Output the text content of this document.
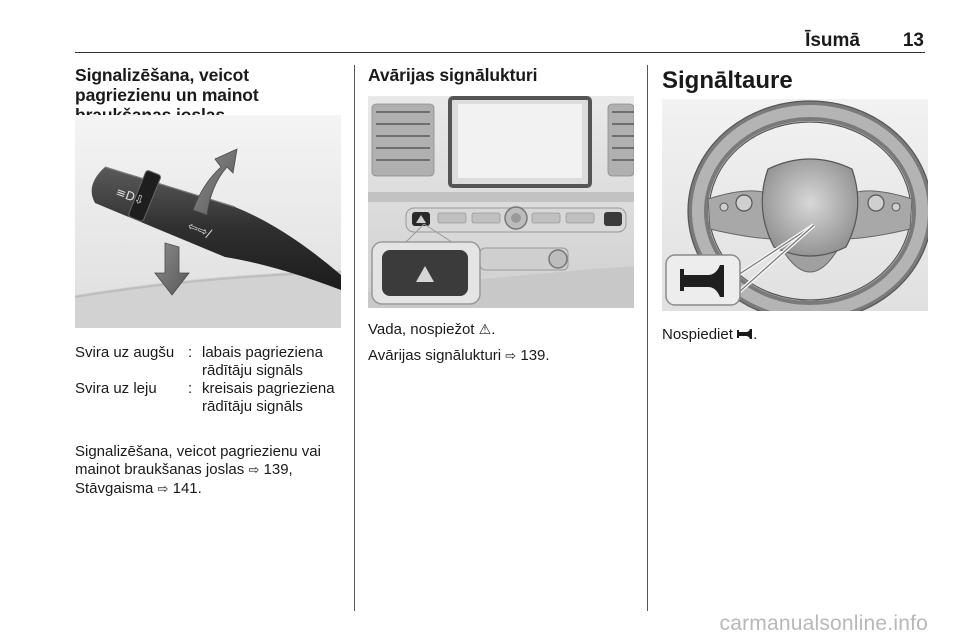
Īsumā	13
Signalizēšana, veicot pagriezienu un mainot
≡D⇩
⇦⇨/
Svira uz augšu : labais pagrieziena rādītāju signāls
Svira uz leju	: kreisais pagrieziena rādītāju signāls

Signalizēšana, veicot pagriezienu vai mainot braukšanas joslas ⇨ 139,
Stāvgaisma ⇨ 141.

Avārijas signālukturi

Vada, nospiežot ⚠.

Avārijas signālukturi ⇨ 139.

Signāltaure

Nospiediet .

carmanualsonline.info
